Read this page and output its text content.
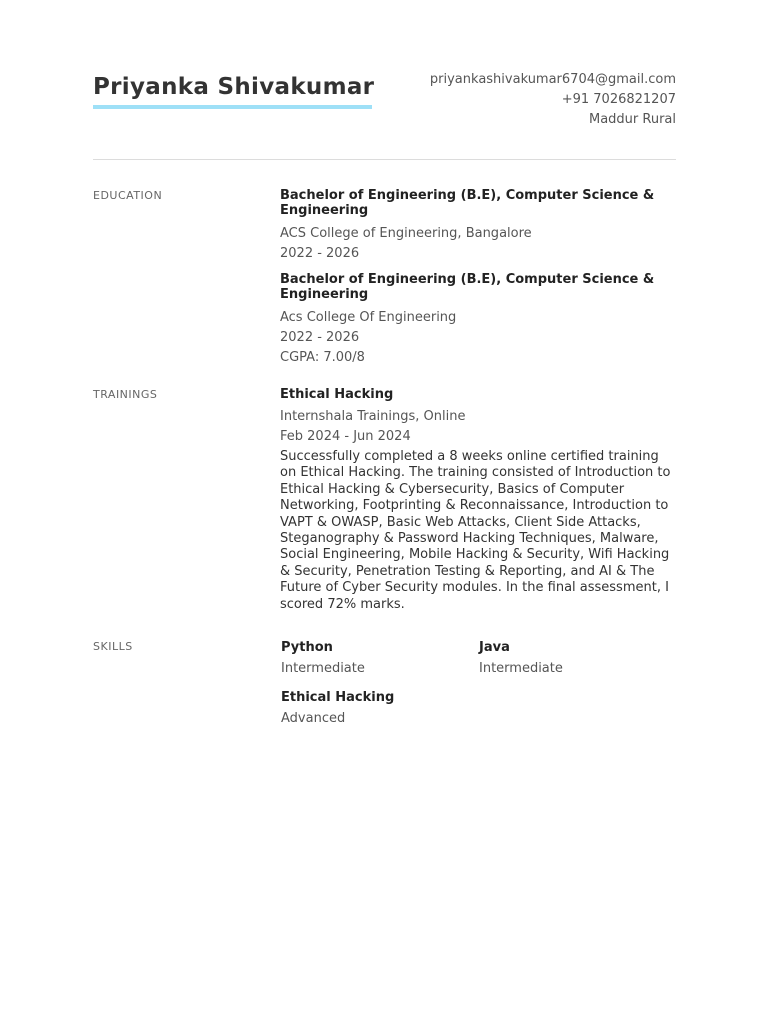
Priyanka Shivakumar	priyankashivakumar6704@gmail.com
+91 7026821207
Maddur Rural
EDUCATION	Bachelor of Engineering (B.E), Computer Science & Engineering
ACS College of Engineering, Bangalore
2022 - 2026
Bachelor of Engineering (B.E), Computer Science & Engineering
Acs College Of Engineering
2022 - 2026
CGPA: 7.00/8
TRAININGS	Ethical Hacking
Internshala Trainings, Online
Feb 2024 - Jun 2024
Successfully completed a 8 weeks online certified training on Ethical Hacking. The training consisted of Introduction to Ethical Hacking & Cybersecurity, Basics of Computer Networking, Footprinting & Reconnaissance, Introduction to VAPT & OWASP, Basic Web Attacks, Client Side Attacks, Steganography & Password Hacking Techniques, Malware, Social Engineering, Mobile Hacking & Security, Wifi Hacking & Security, Penetration Testing & Reporting, and AI & The Future of Cyber Security modules. In the final assessment, I scored 72% marks.
SKILLS	Python
Intermediate
Java
Intermediate
Ethical Hacking
Advanced
